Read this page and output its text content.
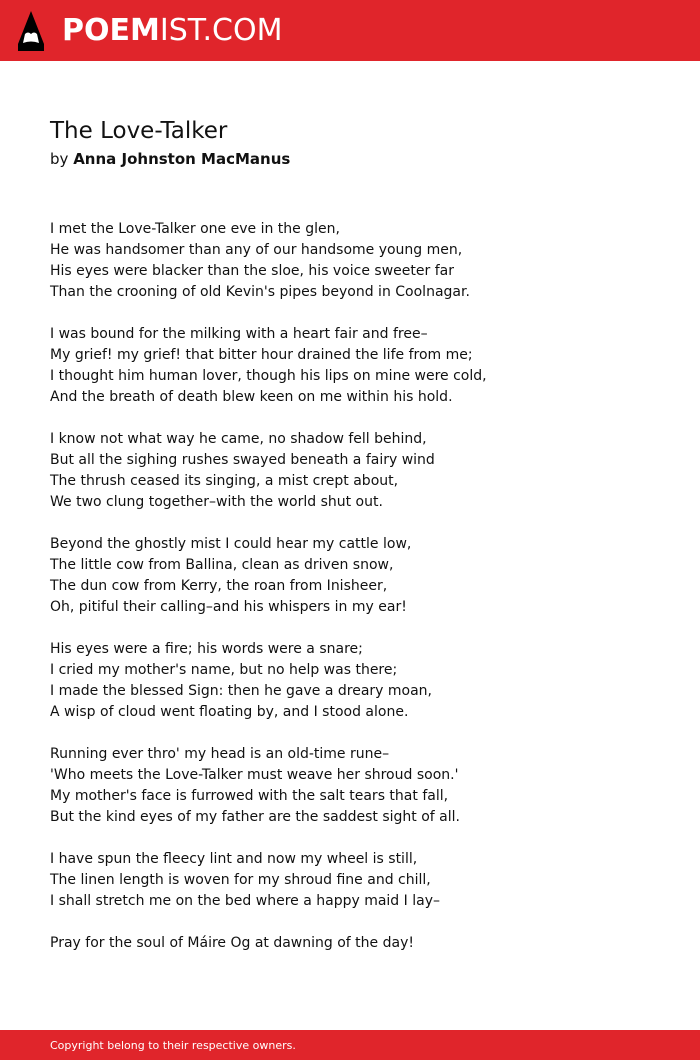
POEMIST.COM
The Love-Talker
by Anna Johnston MacManus
I met the Love-Talker one eve in the glen,
He was handsomer than any of our handsome young men,
His eyes were blacker than the sloe, his voice sweeter far
Than the crooning of old Kevin's pipes beyond in Coolnagar.
I was bound for the milking with a heart fair and free–
My grief! my grief! that bitter hour drained the life from me;
I thought him human lover, though his lips on mine were cold,
And the breath of death blew keen on me within his hold.
I know not what way he came, no shadow fell behind,
But all the sighing rushes swayed beneath a fairy wind
The thrush ceased its singing, a mist crept about,
We two clung together–with the world shut out.
Beyond the ghostly mist I could hear my cattle low,
The little cow from Ballina, clean as driven snow,
The dun cow from Kerry, the roan from Inisheer,
Oh, pitiful their calling–and his whispers in my ear!
His eyes were a fire; his words were a snare;
I cried my mother's name, but no help was there;
I made the blessed Sign: then he gave a dreary moan,
A wisp of cloud went floating by, and I stood alone.
Running ever thro' my head is an old-time rune–
'Who meets the Love-Talker must weave her shroud soon.'
My mother's face is furrowed with the salt tears that fall,
But the kind eyes of my father are the saddest sight of all.
I have spun the fleecy lint and now my wheel is still,
The linen length is woven for my shroud fine and chill,
I shall stretch me on the bed where a happy maid I lay–
Pray for the soul of Máire Og at dawning of the day!
Copyright belong to their respective owners.
